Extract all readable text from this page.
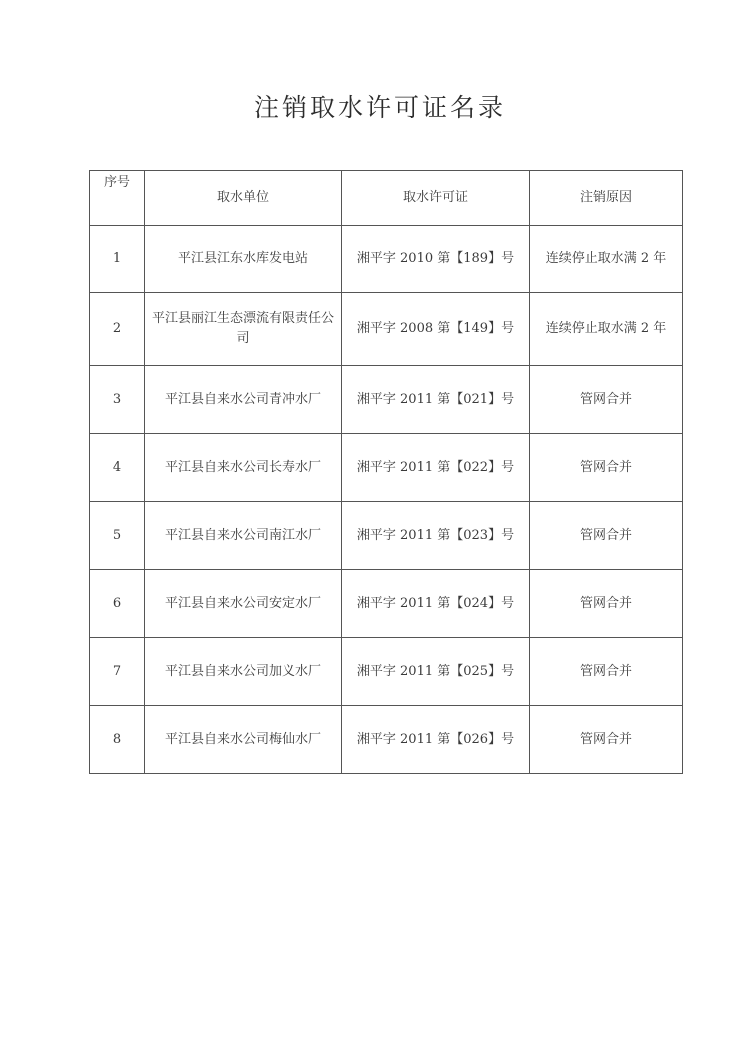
注销取水许可证名录
序号	取水单位	取水许可证	注销原因
1	平江县江东水库发电站	湘平字 2010 第【189】号	连续停止取水满 2 年
2	平江县丽江生态漂流有限责任公司	湘平字 2008 第【149】号	连续停止取水满 2 年
3	平江县自来水公司青冲水厂	湘平字 2011 第【021】号	管网合并
4	平江县自来水公司长寿水厂	湘平字 2011 第【022】号	管网合并
5	平江县自来水公司南江水厂	湘平字 2011 第【023】号	管网合并
6	平江县自来水公司安定水厂	湘平字 2011 第【024】号	管网合并
7	平江县自来水公司加义水厂	湘平字 2011 第【025】号	管网合并
8	平江县自来水公司梅仙水厂	湘平字 2011 第【026】号	管网合并
